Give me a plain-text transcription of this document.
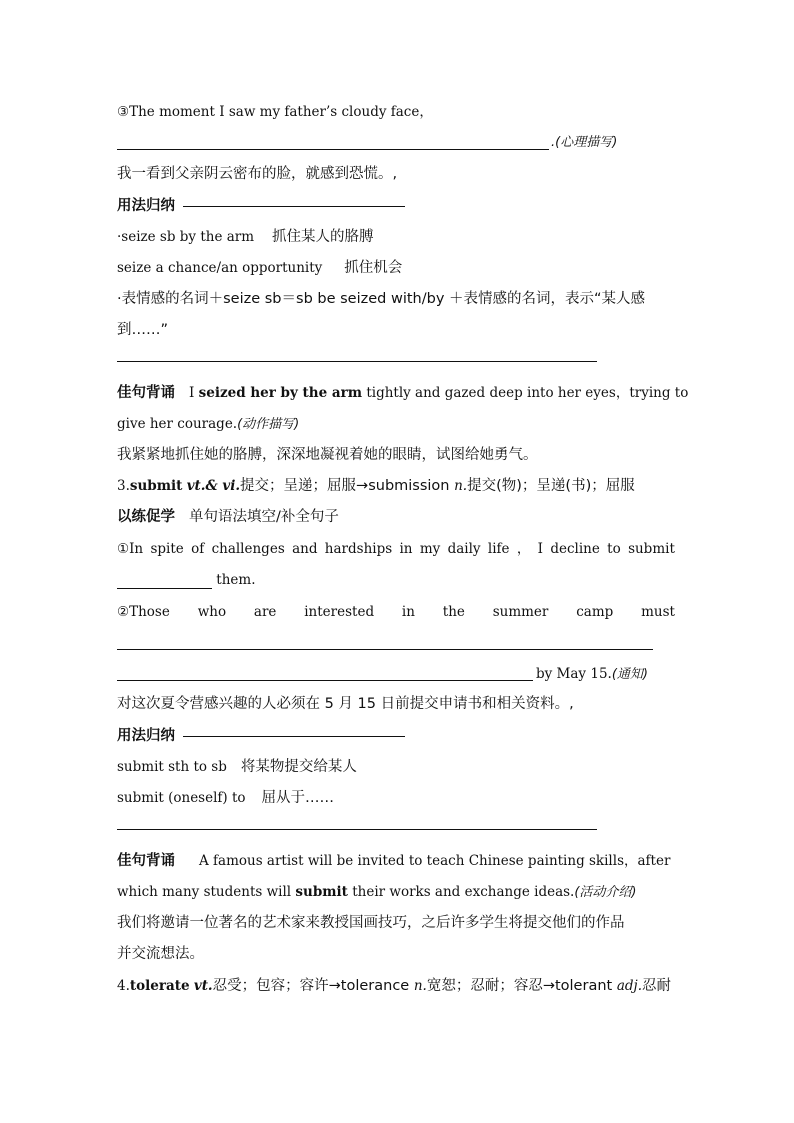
③The moment I saw my father’s cloudy face，
.(心理描写)
我一看到父亲阴云密布的脸，就感到恐慌。,
用法归纳
·seize sb by the arm 抓住某人的胳膊
seize a chance/an opportunity 抓住机会
·表情感的名词＋seize sb＝sb be seized with/by ＋表情感的名词，表示“某人感
到……”
佳句背诵 I seized her by the arm tightly and gazed deep into her eyes，trying to
give her courage.(动作描写)
我紧紧地抓住她的胳膊，深深地凝视着她的眼睛，试图给她勇气。
3.submit vt.& vi.提交；呈递；屈服→submission n.提交(物)；呈递(书)；屈服
以练促学 单句语法填空/补全句子
①In spite of challenges and hardships in my daily life ， I decline to submit
them.
②Those who are interested in the summer camp must
by May 15.(通知)
对这次夏令营感兴趣的人必须在 5 月 15 日前提交申请书和相关资料。,
用法归纳
submit sth to sb 将某物提交给某人
submit (oneself) to 屈从于……
佳句背诵 A famous artist will be invited to teach Chinese painting skills，after
which many students will submit their works and exchange ideas.(活动介绍)
我们将邀请一位著名的艺术家来教授国画技巧，之后许多学生将提交他们的作品
并交流想法。
4.tolerate vt.忍受；包容；容许→tolerance n.宽恕；忍耐；容忍→tolerant adj.忍耐
